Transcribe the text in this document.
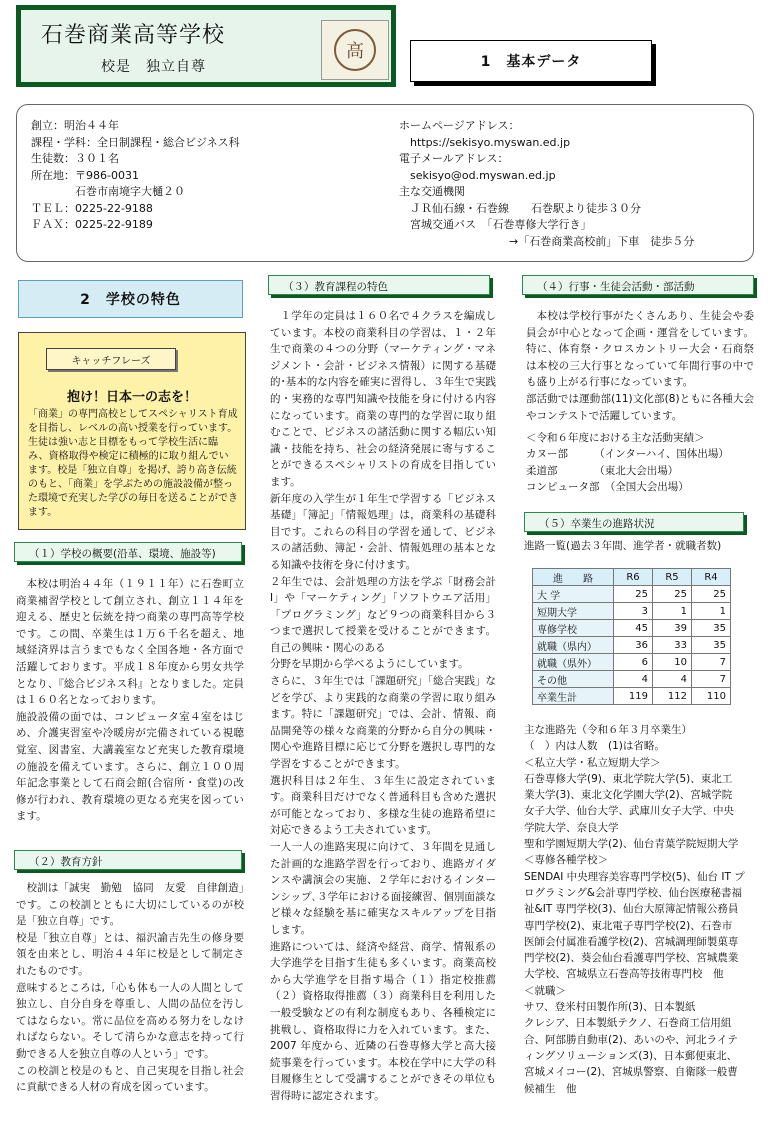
石巻商業高等学校
校是　独立自尊
高	1　基本データ
創立：明治４４年
課程・学科：全日制課程・総合ビジネス科
生徒数：３０１名
所在地：〒986-0031
　　　　石巻市南境字大樋２０
ＴＥＬ：0225-22-9188
ＦＡＸ：0225-22-9189
ホームページアドレス：
　https://sekisyo.myswan.ed.jp
電子メールアドレス：
　sekisyo@od.myswan.ed.jp
主な交通機関
　ＪＲ仙石線・石巻線　　石巻駅より徒歩３０分
　宮城交通バス　「石巻専修大学行き」
　　　　　　　　　　→「石巻商業高校前」下車　徒歩５分
2　学校の特色
キャッチフレーズ
抱け！日本一の志を！
「商業」の専門高校としてスペシャリスト育成を目指し、レベルの高い授業を行っています。生徒は強い志と目標をもって学校生活に臨み、資格取得や検定に積極的に取り組んでいます。校是「独立自尊」を掲げ、誇り高き伝統のもと、「商業」を学ぶための施設設備が整った環境で充実した学びの毎日を送ることができます。
（１）学校の概要(沿革、環境、施設等)
本校は明治４４年（１９１１年）に石巻町立商業補習学校として創立され、創立１１４年を迎える、歴史と伝統を持つ商業の専門高等学校です。この間、卒業生は１万６千名を超え、地域経済界は言うまでもなく全国各地・各方面で活躍しております。平成１８年度から男女共学となり、『総合ビジネス科』となりました。定員は１６０名となっております。
施設設備の面では、コンピュータ室４室をはじめ、介護実習室や冷暖房が完備されている視聴覚室、図書室、大講義室など充実した教育環境の施設を備えています。さらに、創立１００周年記念事業として石商会館(合宿所・食堂)の改修が行われ、教育環境の更なる充実を図っています。
（２）教育方針
校訓は「誠実　勤勉　協同　友愛　自律創造」です。この校訓とともに大切にしているのが校是「独立自尊」です。
校是「独立自尊」とは、福沢諭吉先生の修身要領を由来とし、明治４４年に校是として制定されたものです。
意味するところは,「心も体も一人の人間として独立し、自分自身を尊重し、人間の品位を汚してはならない。常に品位を高める努力をしなければならない。そして清らかな意志を持って行動できる人を独立自尊の人という」です。
この校訓と校是のもと、自己実現を目指し社会に貢献できる人材の育成を図っています。
（３）教育課程の特色
１学年の定員は１６０名で４クラスを編成しています。本校の商業科目の学習は、１・２年生で商業の４つの分野（マーケティング・マネジメント・会計・ビジネス情報）に関する基礎的･基本的な内容を確実に習得し、３年生で実践的・実務的な専門知識や技能を身に付ける内容になっています。商業の専門的な学習に取り組むことで、ビジネスの諸活動に関する幅広い知識・技能を持ち、社会の経済発展に寄与することができるスペシャリストの育成を目指しています。
新年度の入学生が１年生で学習する「ビジネス基礎」「簿記」「情報処理」は，商業科の基礎科目です。これらの科目の学習を通して、ビジネスの諸活動、簿記・会計、情報処理の基本となる知識や技術を身に付けます。
２年生では、会計処理の方法を学ぶ「財務会計Ⅰ」や「マーケティング」「ソフトウエア活用」「プログラミング」など９つの商業科目から３つまで選択して授業を受けることができます。自己の興味・関心のある
分野を早期から学べるようにしています。
さらに、３年生では「課題研究」「総合実践」などを学び、より実践的な商業の学習に取り組みます。特に「課題研究」では、会計、情報、商品開発等の様々な商業的分野から自分の興味・関心や進路目標に応じて分野を選択し専門的な学習をすることができます。
選択科目は２年生、３年生に設定されています。商業科目だけでなく普通科目も含めた選択が可能となっており、多様な生徒の進路希望に対応できるよう工夫されています。
一人一人の進路実現に向けて、３年間を見通した計画的な進路学習を行っており、進路ガイダンスや講演会の実施、２学年におけるインターンシップ､３学年における面接練習、個別面談など様々な経験を基に確実なスキルアップを目指します。
進路については、経済や経営、商学、情報系の大学進学を目指す生徒も多くいます。商業高校から大学進学を目指す場合（１）指定校推薦（２）資格取得推薦（３）商業科目を利用した一般受験などの有利な制度もあり、各種検定に挑戦し、資格取得に力を入れています。また、2007 年度から、近隣の石巻専修大学と高大接続事業を行っています。本校在学中に大学の科目履修生として受講することができその単位も習得時に認定されます。
（４）行事・生徒会活動・部活動
本校は学校行事がたくさんあり、生徒会や委員会が中心となって企画・運営をしています。特に、体育祭・クロスカントリー大会・石商祭は本校の三大行事となっていて年間行事の中でも盛り上がる行事になっています。
部活動では運動部(11)文化部(8)ともに各種大会やコンテストで活躍しています。
＜令和６年度における主な活動実績＞
カヌー部　　　（インターハイ、国体出場）
柔道部　　　　（東北大会出場）
コンピュータ部　（全国大会出場）
（５）卒業生の進路状況
進路一覧(過去３年間、進学者・就職者数)
進　　路	R6	R5	R4
大 学	25	25	25
短期大学	3	1	1
専修学校	45	39	35
就職（県内）	36	33	35
就職（県外）	6	10	7
その他	4	4	7
卒業生計	119	112	110
主な進路先（令和６年３月卒業生）
（　）内は人数　(1)は省略。
＜私立大学・私立短期大学＞
石巻専修大学(9)、東北学院大学(5)、東北工
業大学(3)、東北文化学園大学(2)、宮城学院
女子大学、仙台大学、武庫川女子大学、中央
学院大学、奈良大学
聖和学園短期大学(2)、仙台青葉学院短期大学
＜専修各種学校＞
SENDAI 中央理容美容専門学校(5)、仙台 IT プ
ログラミング&会計専門学校、仙台医療秘書福
祉&IT 専門学校(3)、仙台大原簿記情報公務員
専門学校(2)、東北電子専門学校(2)、石巻市
医師会付属准看護学校(2)、宮城調理師製菓専
門学校(2)、葵会仙台看護専門学校、宮城農業
大学校、宮城県立石巻高等技術専門校　他
＜就職＞
サワ、登米村田製作所(3)、日本製紙
クレシア、日本製紙テクノ、石巻商工信用組
合、阿部勝自動車(2)、あいのや、河北ライテ
ィングソリューションズ(3)、日本郵便東北、
宮城メイコー(2)、宮城県警察、自衛隊一般曹
候補生　他
